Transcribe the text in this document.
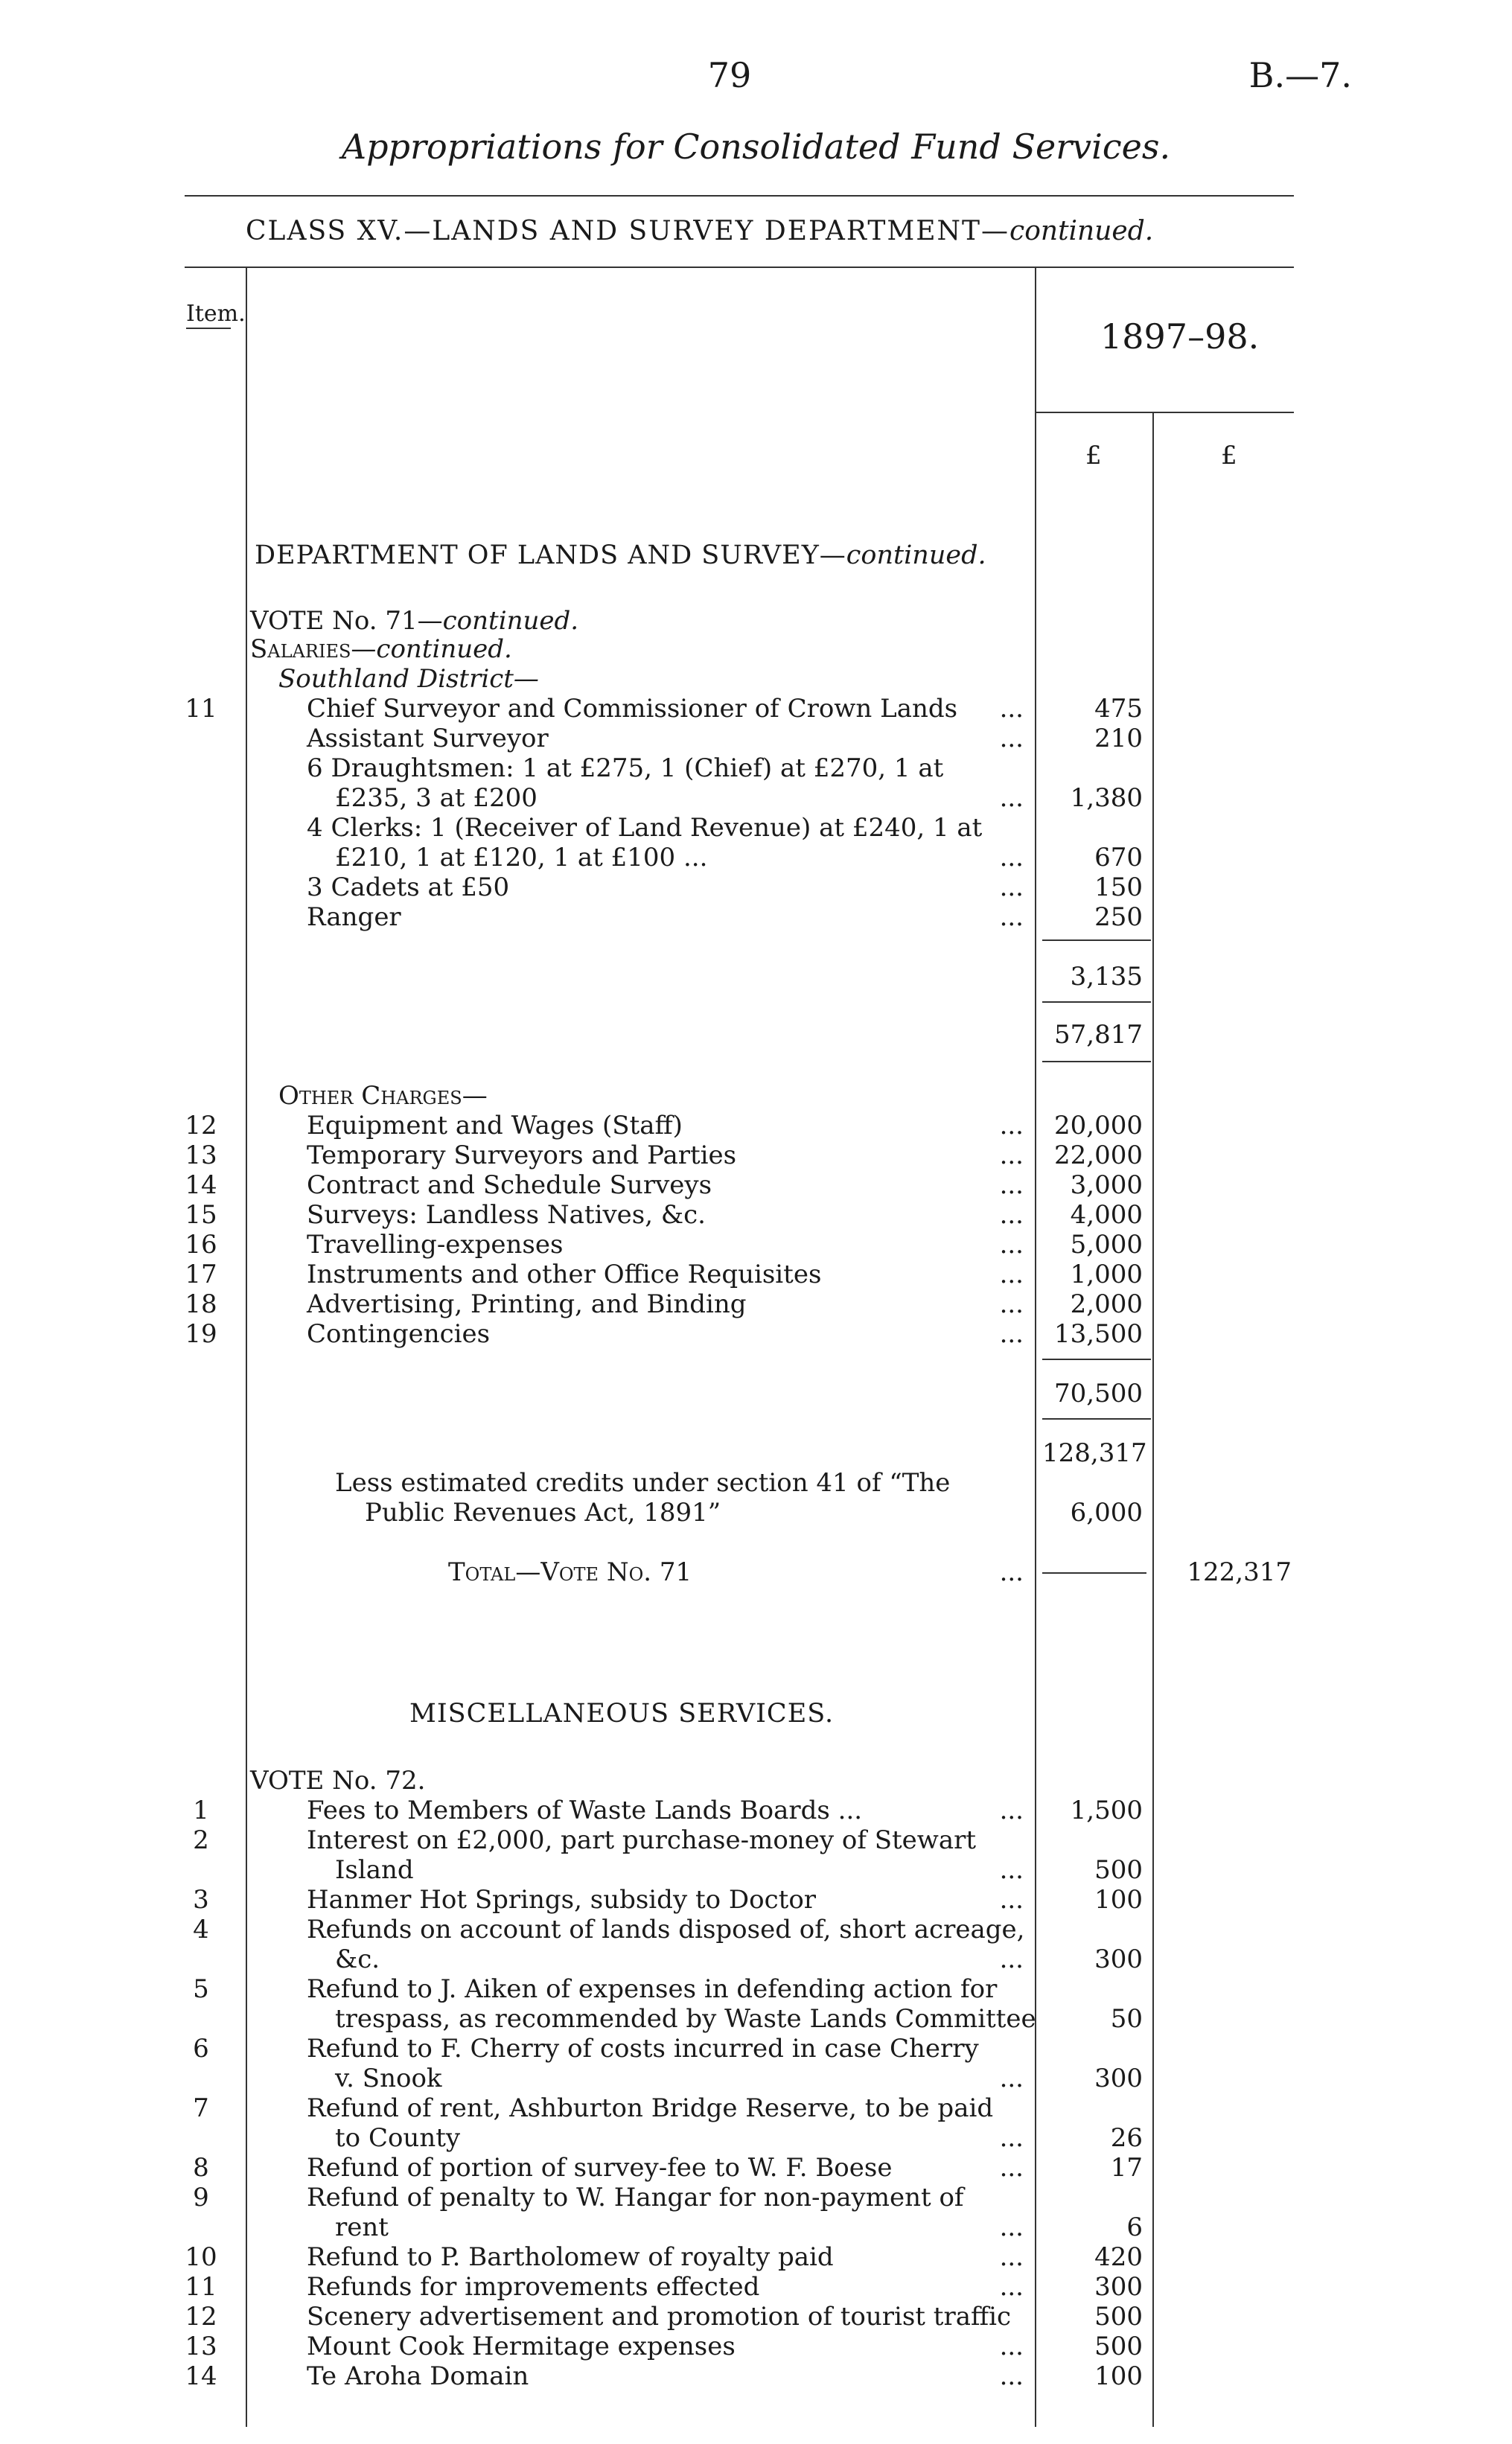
79	B.—7.
Appropriations for Consolidated Fund Services.
CLASS XV.—LANDS AND SURVEY DEPARTMENT—continued.
Item.
1897–98.
£	£
DEPARTMENT OF LANDS AND SURVEY—continued.
VOTE No. 71—continued.
Salaries—continued.
Southland District—
11	Chief Surveyor and Commissioner of Crown Lands	...	475
Assistant Surveyor	...	210
6 Draughtsmen: 1 at £275, 1 (Chief) at £270, 1 at
£235, 3 at £200	...	1,380
4 Clerks: 1 (Receiver of Land Revenue) at £240, 1 at
£210, 1 at £120, 1 at £100 ...	...	670
3 Cadets at £50	...	150
Ranger	...	250
3,135
57,817
Other Charges—
12	Equipment and Wages (Staff)	...	20,000
13	Temporary Surveyors and Parties	...	22,000
14	Contract and Schedule Surveys	...	3,000
15	Surveys: Landless Natives, &c.	...	4,000
16	Travelling-expenses	...	5,000
17	Instruments and other Office Requisites	...	1,000
18	Advertising, Printing, and Binding	...	2,000
19	Contingencies	...	13,500
70,500
128,317
Less estimated credits under section 41 of “The
Public Revenues Act, 1891”	6,000
Total—Vote No. 71	...	122,317
MISCELLANEOUS SERVICES.
VOTE No. 72.
1	Fees to Members of Waste Lands Boards ...	...	1,500
2	Interest on £2,000, part purchase-money of Stewart
Island	...	500
3	Hanmer Hot Springs, subsidy to Doctor	...	100
4	Refunds on account of lands disposed of, short acreage,
&c.	...	300
5	Refund to J. Aiken of expenses in defending action for
trespass, as recommended by Waste Lands Committee	50
6	Refund to F. Cherry of costs incurred in case Cherry
v. Snook	...	300
7	Refund of rent, Ashburton Bridge Reserve, to be paid
to County	...	26
8	Refund of portion of survey-fee to W. F. Boese	...	17
9	Refund of penalty to W. Hangar for non-payment of
rent	...	6
10	Refund to P. Bartholomew of royalty paid	...	420
11	Refunds for improvements effected	...	300
12	Scenery advertisement and promotion of tourist traffic	500
13	Mount Cook Hermitage expenses	...	500
14	Te Aroha Domain	...	100
